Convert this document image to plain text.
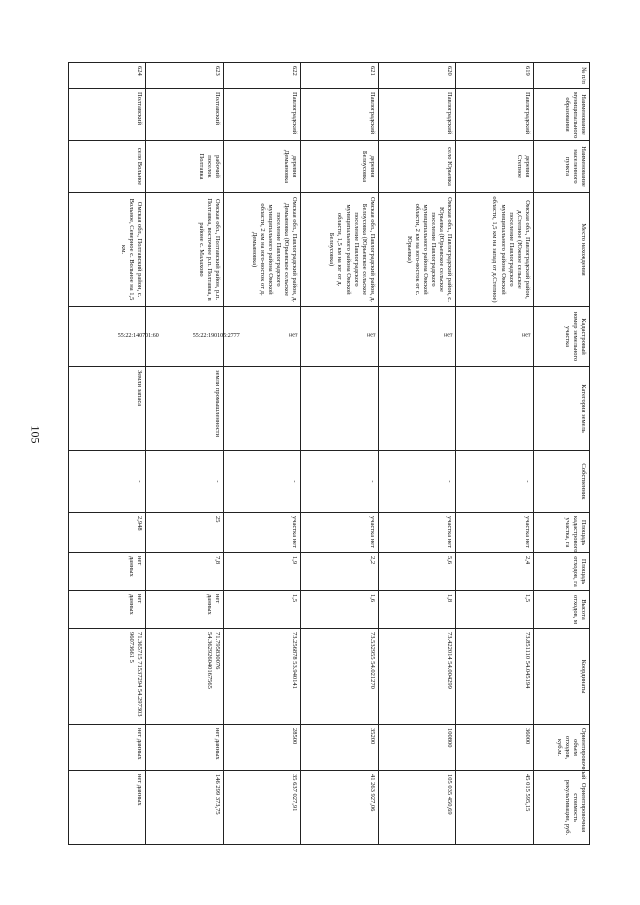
105
№ п/п	Наименование муниципального образования	Наименование населенного пункта	Место нахождения	Кадастровый номер земельного участка	Категория земель	Собственник	Площадь кадастрового участка, га	Площадь отходов, га	Высота отходов, м	Координаты	Ориентировочный объем отходов, куб.м.	Ориентировочная стоимость рекультивации, руб.
619	Павлоградский	деревня Степное	Омская обл., Павлоградский район, д.Степное (Южное сельское поселение Павлоградского муниципального района Омской области, 1,5 км на запад от д.Степное)	нет		-	участка нет	2,4	1,5	73.851110 54.045194	36000	45 015 595,15
620	Павлоградский	село Юрьевка	Омская обл., Павлоградский район, с. Юрьевка (Юрьевское сельское поселение Павлоградского муниципального района Омской области, 2 км на юго-восток от с. Юрьевка)	нет		-	участка нет	5,6	1,8	73.422014 54.004299	100800	105 035 450,69
621	Павлоградский	деревня Белоусовка	Омская обл., Павлоградский район, д. Белоусовка (Юрьевское сельское поселение Павлоградского муниципального района Омской области, 1,5 км на юг от д. Белоусовка)	нет		-	участка нет	2,2	1,6	73.532955 54.021270	35200	41 263 927,06
622	Павлоградский	деревня Демьяновка	Омская обл., Павлоградский район, д. Демьяновка (Юрьевское сельское поселение Павлоградского муниципального района Омской области, 2 км на юго-восток от д. Демьяновка)	нет		-	участка нет	1,9	1,5	73.256878 53.940141	28500	35 637 027,91
623	Полтавский	рабочий поселок Полтавка	Омская обл., Полтавский район, р.п. Полтавка, восточнее р.п. Полтавка, в районе с. Малахово	55:22:190105:2777	земли промышленности	-	25	7,8	нет данных	71.795830076 54.362926040167565	нет данных	146 299 373,75
624	Полтавский	село Вольное	Омская обл., Полтавский район, с. Вольное, Северное с. Вольное на 1,5 км.	55:22:140701:60	Земли запаса	-	2,948	нет данных	нет данных	71.365715 71537294 54.297303 96073661 5	нет данных	нет данных
